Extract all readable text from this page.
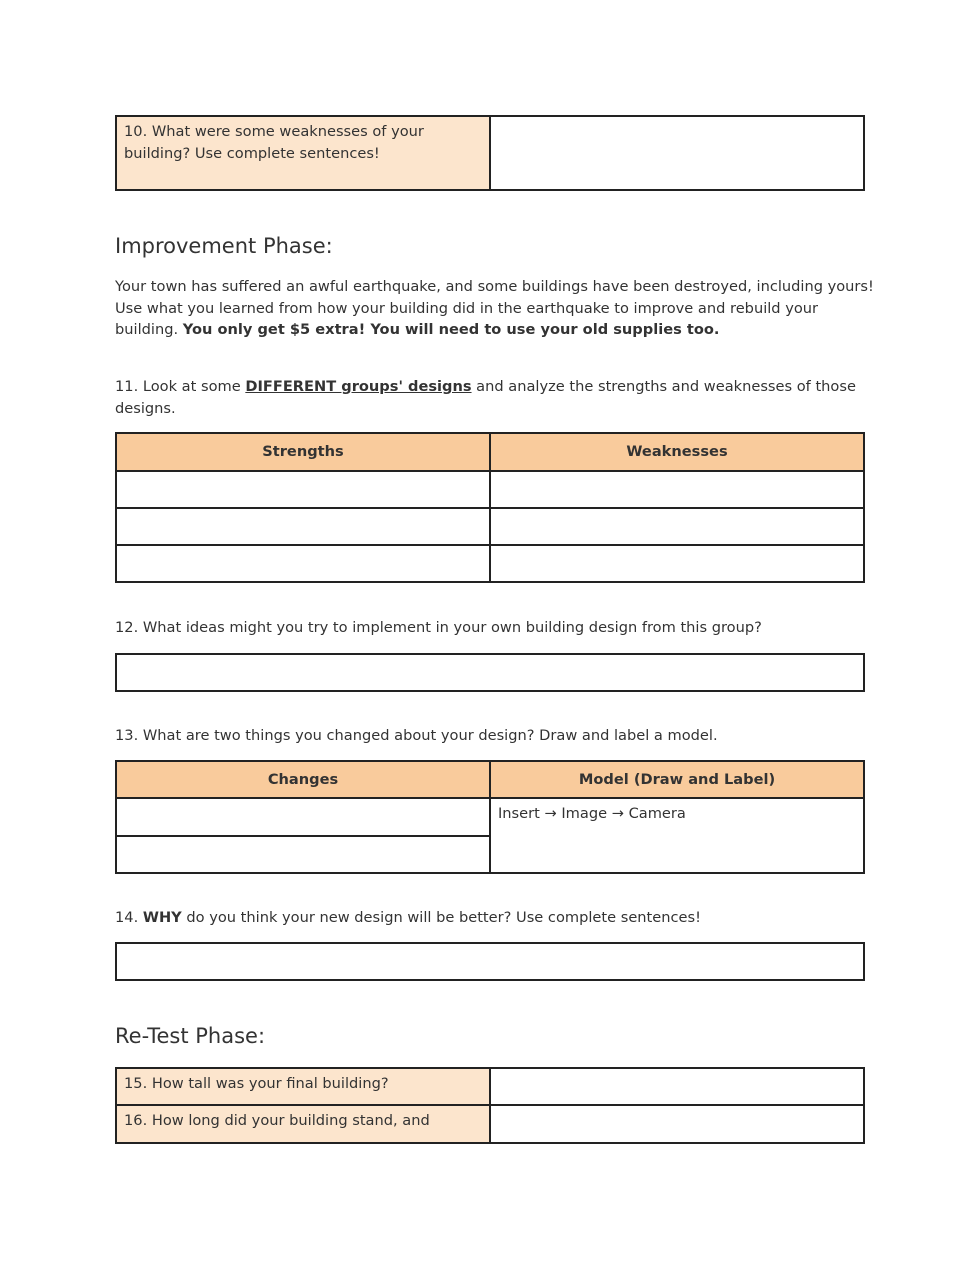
10. What were some weaknesses of your building? Use complete sentences!	
Improvement Phase:

Your town has suffered an awful earthquake, and some buildings have been destroyed, including yours! Use what you learned from how your building did in the earthquake to improve and rebuild your building. You only get $5 extra! You will need to use your old supplies too.

11. Look at some DIFFERENT groups' designs and analyze the strengths and weaknesses of those designs.

Strengths	Weaknesses

12. What ideas might you try to implement in your own building design from this group?

13. What are two things you changed about your design? Draw and label a model.

Changes	Model (Draw and Label)
	Insert → Image → Camera

14. WHY do you think your new design will be better? Use complete sentences!

Re-Test Phase:
15. How tall was your final building?	
16. How long did your building stand, and	
